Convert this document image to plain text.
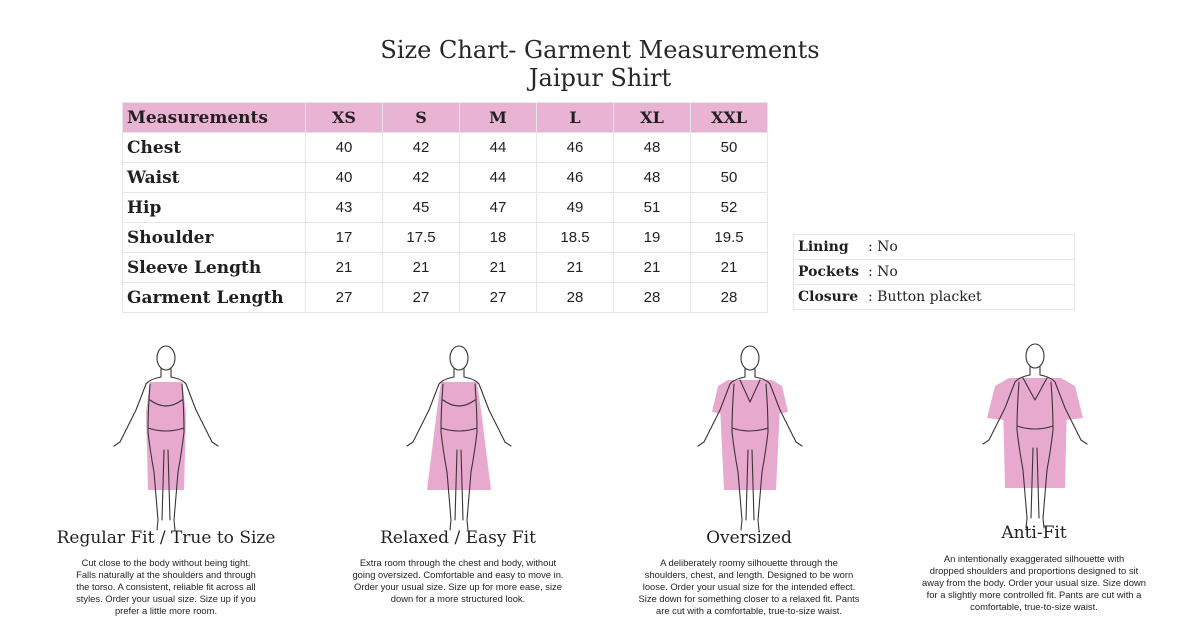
Size Chart- Garment Measurements
Jaipur Shirt
Measurements	XS	S	M	L	XL	XXL
Chest	40	42	44	46	48	50
Waist	40	42	44	46	48	50
Hip	43	45	47	49	51	52
Shoulder	17	17.5	18	18.5	19	19.5
Sleeve Length	21	21	21	21	21	21
Garment Length	27	27	27	28	28	28
Lining	: No
Pockets	: No
Closure	: Button placket
Regular Fit / True to Size
Cut close to the body without being tight.
Falls naturally at the shoulders and through
the torso. A consistent, reliable fit across all
styles. Order your usual size. Size up if you
prefer a little more room.
Relaxed / Easy Fit
Extra room through the chest and body, without
going oversized. Comfortable and easy to move in.
Order your usual size. Size up for more ease, size
down for a more structured look.
Oversized
A deliberately roomy silhouette through the
shoulders, chest, and length. Designed to be worn
loose. Order your usual size for the intended effect.
Size down for something closer to a relaxed fit. Pants
are cut with a comfortable, true-to-size waist.
Anti-Fit
An intentionally exaggerated silhouette with
dropped shoulders and proportions designed to sit
away from the body. Order your usual size. Size down
for a slightly more controlled fit. Pants are cut with a
comfortable, true-to-size waist.
